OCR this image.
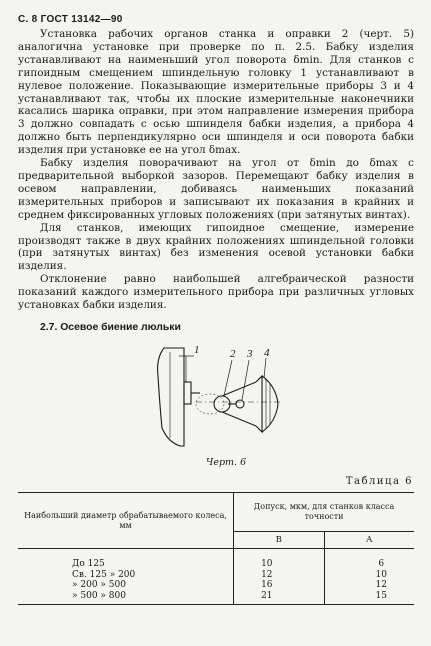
С. 8 ГОСТ 13142—90

Установка рабочих органов станка и оправки 2 (черт. 5) аналогична установке при проверке по п. 2.5. Бабку изделия устанавливают на наименьший угол поворота δmin. Для станков с гипоидным смещением шпиндельную головку 1 устанавливают в нулевое положение. Показывающие измерительные приборы 3 и 4 устанавливают так, чтобы их плоские измерительные наконечники касались шарика оправки, при этом направление измерения прибора 3 должно совпадать с осью шпинделя бабки изделия, а прибора 4 должно быть перпендикулярно оси шпинделя и оси поворота бабки изделия при установке ее на угол δmax.

Бабку изделия поворачивают на угол от δmin до δmax с предварительной выборкой зазоров. Перемещают бабку изделия в осевом направлении, добиваясь наименьших показаний измерительных приборов и записывают их показания в крайних и среднем фиксированных угловых положениях (при затянутых винтах).

Для станков, имеющих гипоидное смещение, измерение производят также в двух крайних положениях шпиндельной головки (при затянутых винтах) без изменения осевой установки бабки изделия.

Отклонение равно наибольшей алгебраической разности показаний каждого измерительного прибора при различных угловых установках бабки изделия.

2.7. Осевое биение люльки
1	2 3 4
Черт. 6
Таблица 6
Наибольший диаметр обрабатываемого колеса, мм	Допуск, мкм, для станков класса точности	
	В	А
До 125	10	6
Св. 125 » 200	12	10
» 200 » 500	16	12
» 500 » 800	21	15
